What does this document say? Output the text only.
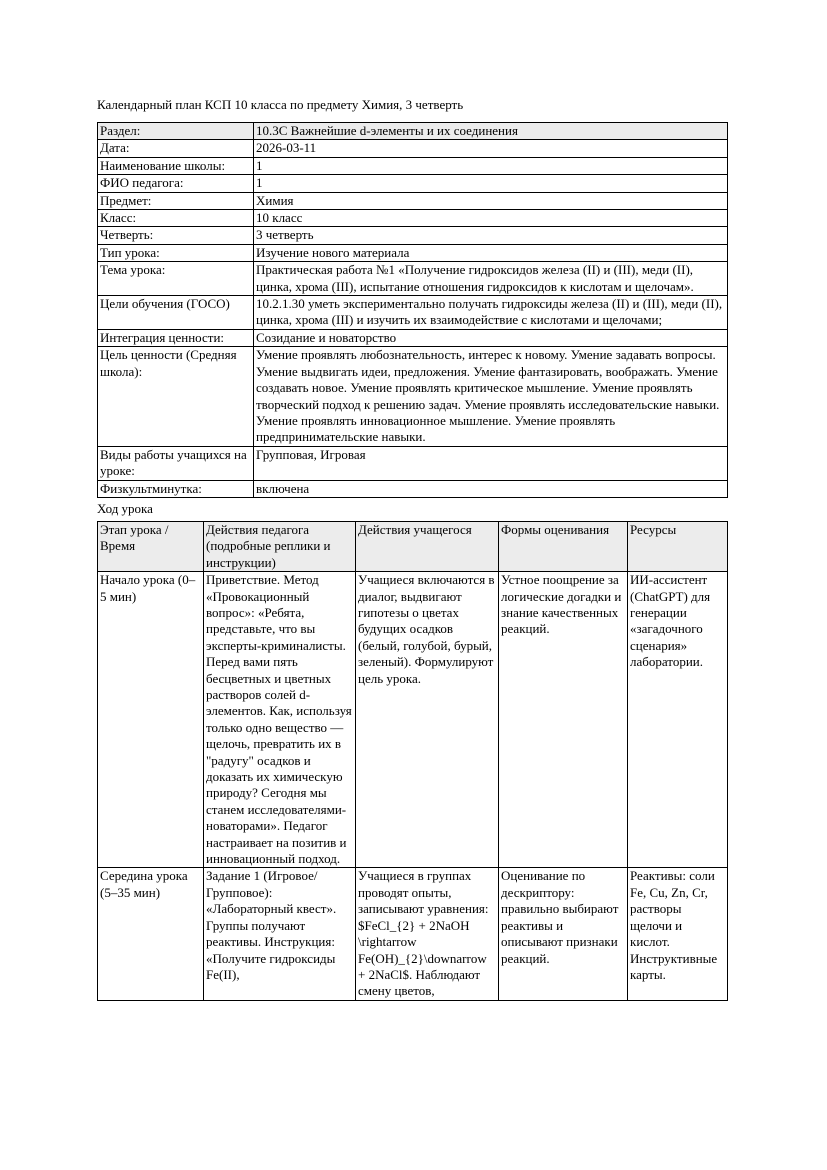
Календарный план КСП 10 класса по предмету Химия, 3 четверть

Раздел:	10.3C Важнейшие d-элементы и их соединения
Дата:	2026-03-11
Наименование школы:	1
ФИО педагога:	1
Предмет:	Химия
Класс:	10 класс
Четверть:	3 четверть
Тип урока:	Изучение нового материала
Тема урока:	Практическая работа №1 «Получение гидроксидов железа (II) и (III), меди (II), цинка, хрома (III), испытание отношения гидроксидов к кислотам и щелочам».
Цели обучения (ГОСО)	10.2.1.30 уметь экспериментально получать гидроксиды железа (II) и (III), меди (II), цинка, хрома (III) и изучить их взаимодействие с кислотами и щелочами;
Интеграция ценности:	Созидание и новаторство
Цель ценности (Средняя школа):	Умение проявлять любознательность, интерес к новому. Умение задавать вопросы. Умение выдвигать идеи, предложения. Умение фантазировать, воображать. Умение создавать новое. Умение проявлять критическое мышление. Умение проявлять творческий подход к решению задач. Умение проявлять исследовательские навыки. Умение проявлять инновационное мышление. Умение проявлять предпринимательские навыки.
Виды работы учащихся на уроке:	Групповая, Игровая
Физкультминутка:	включена

Ход урока

Этап урока / Время	Действия педагога (подробные реплики и инструкции)	Действия учащегося	Формы оценивания	Ресурсы
Начало урока (0–5 мин)	Приветствие. Метод «Провокационный вопрос»: «Ребята, представьте, что вы эксперты-криминалисты. Перед вами пять бесцветных и цветных растворов солей d-элементов. Как, используя только одно вещество — щелочь, превратить их в "радугу" осадков и доказать их химическую природу? Сегодня мы станем исследователями-новаторами». Педагог настраивает на позитив и инновационный подход.	Учащиеся включаются в диалог, выдвигают гипотезы о цветах будущих осадков (белый, голубой, бурый, зеленый). Формулируют цель урока.	Устное поощрение за логические догадки и знание качественных реакций.	ИИ-ассистент (ChatGPT) для генерации «загадочного сценария» лаборатории.
Середина урока (5–35 мин)	Задание 1 (Игровое/Групповое): «Лабораторный квест». Группы получают реактивы. Инструкция: «Получите гидроксиды Fe(II),	Учащиеся в группах проводят опыты, записывают уравнения: $FeCl_{2} + 2NaOH \rightarrow Fe(OH)_{2}\downarrow + 2NaCl$. Наблюдают смену цветов,	Оценивание по дескриптору: правильно выбирают реактивы и описывают признаки реакций.	Реактивы: соли Fe, Cu, Zn, Cr, растворы щелочи и кислот. Инструктивные карты.
